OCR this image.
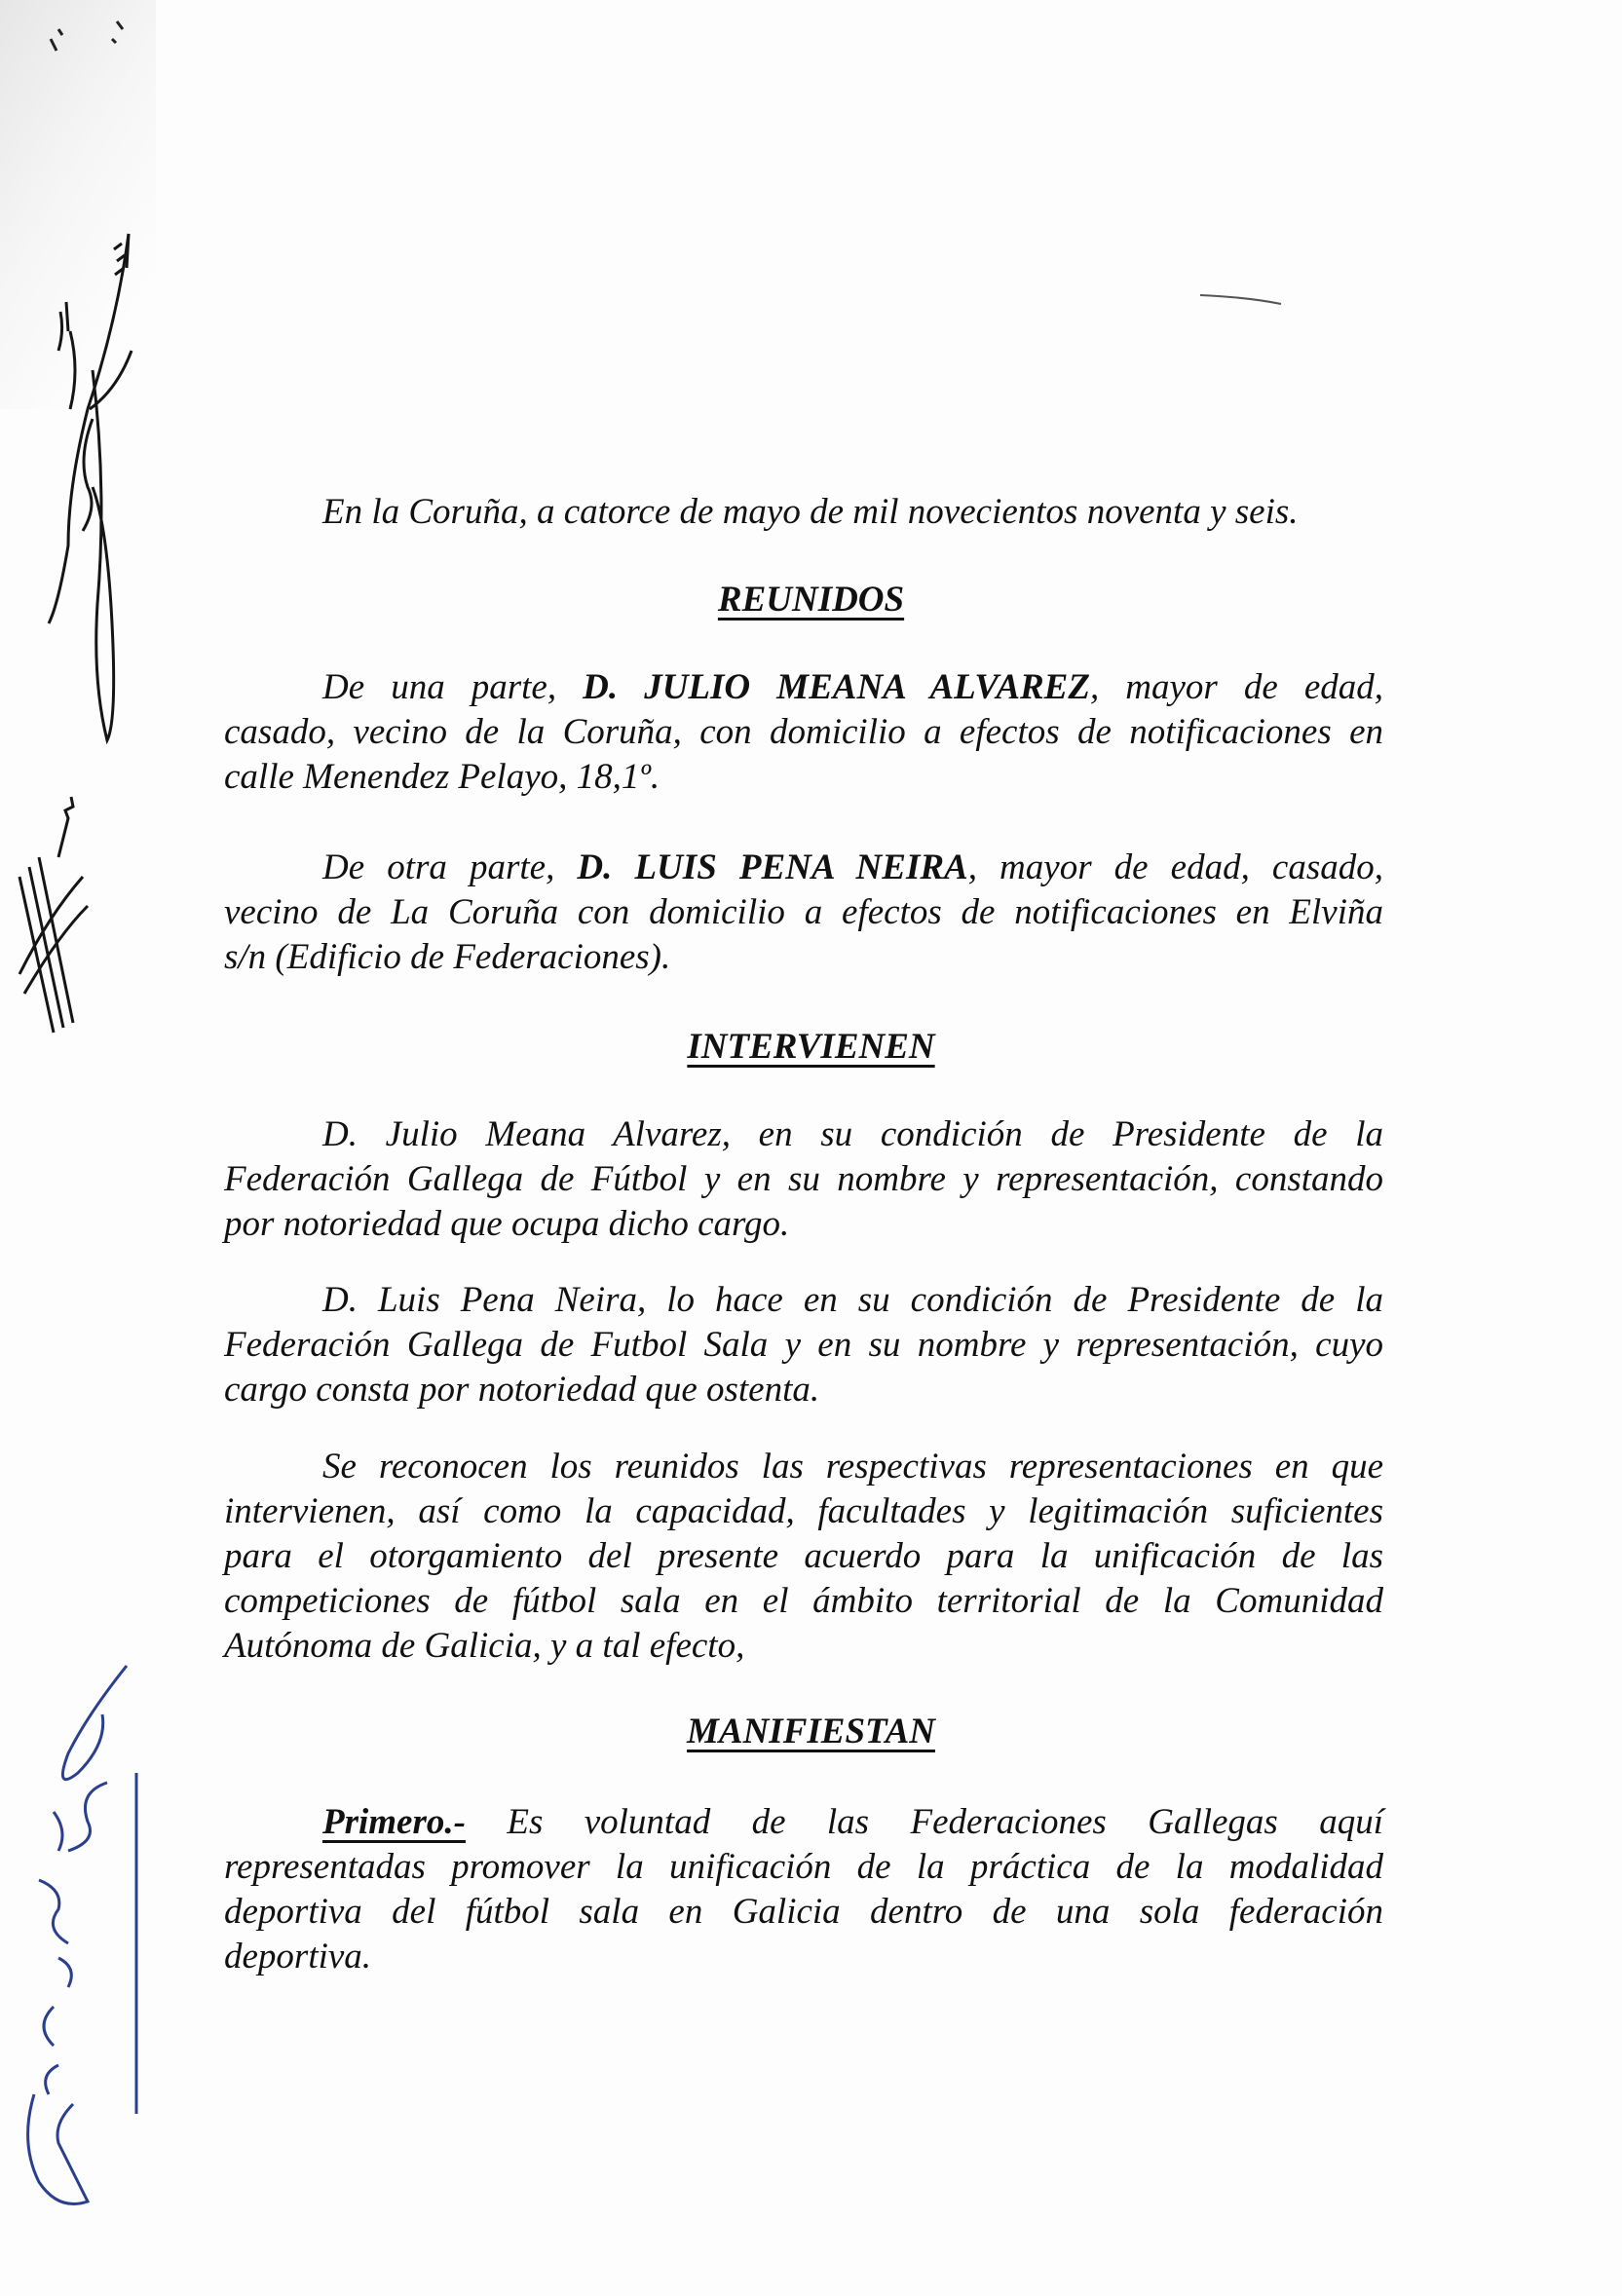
En la Coruña, a catorce de mayo de mil novecientos noventa y seis.
REUNIDOS
De una parte, D. JULIO MEANA ALVAREZ, mayor de edad,
casado, vecino de la Coruña, con domicilio a efectos de notificaciones en
calle Menendez Pelayo, 18,1º.
De otra parte, D. LUIS PENA NEIRA, mayor de edad, casado,
vecino de La Coruña con domicilio a efectos de notificaciones en Elviña
s/n (Edificio de Federaciones).
INTERVIENEN
D. Julio Meana Alvarez, en su condición de Presidente de la
Federación Gallega de Fútbol y en su nombre y representación, constando
por notoriedad que ocupa dicho cargo.
D. Luis Pena Neira, lo hace en su condición de Presidente de la
Federación Gallega de Futbol Sala y en su nombre y representación, cuyo
cargo consta por notoriedad que ostenta.
Se reconocen los reunidos las respectivas representaciones en que
intervienen, así como la capacidad, facultades y legitimación suficientes
para el otorgamiento del presente acuerdo para la unificación de las
competiciones de fútbol sala en el ámbito territorial de la Comunidad
Autónoma de Galicia, y a tal efecto,
MANIFIESTAN
Primero.- Es voluntad de las Federaciones Gallegas aquí
representadas promover la unificación de la práctica de la modalidad
deportiva del fútbol sala en Galicia dentro de una sola federación
deportiva.
